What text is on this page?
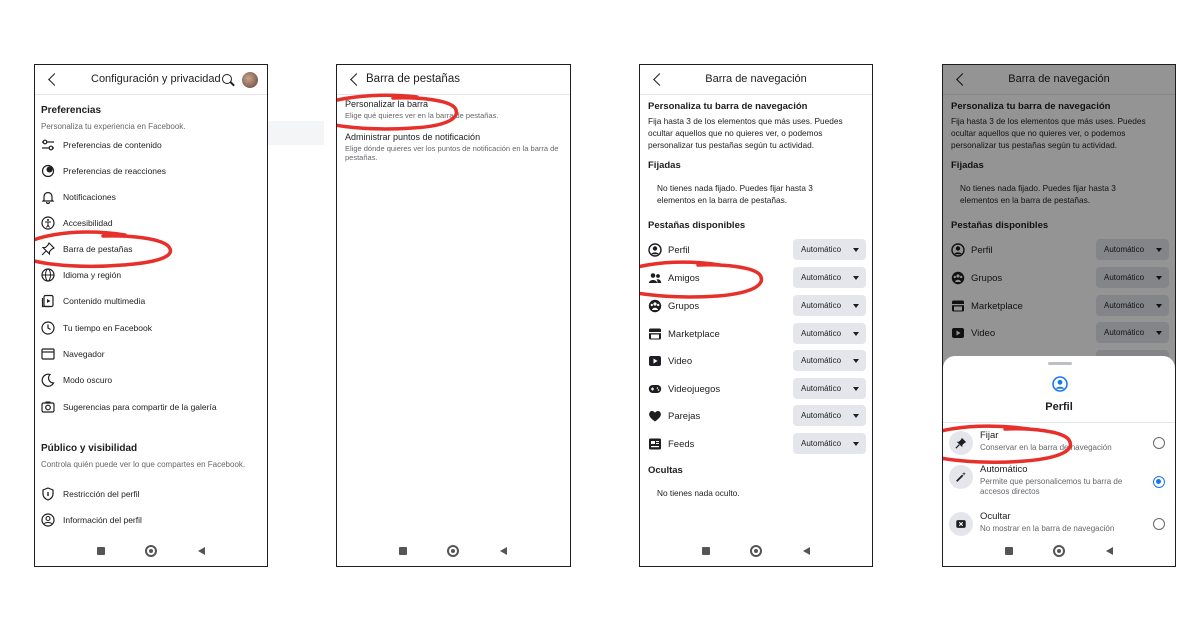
Configuración y privacidad
Preferencias
Personaliza tu experiencia en Facebook.
Preferencias de contenido
Preferencias de reacciones
Notificaciones
Accesibilidad
Barra de pestañas
Idioma y región
Contenido multimedia
Tu tiempo en Facebook
Navegador
Modo oscuro
Sugerencias para compartir de la galería
Público y visibilidad
Controla quién puede ver lo que compartes en Facebook.
Restricción del perfil
Información del perfil
Barra de pestañas
Personalizar la barra
Elige qué quieres ver en la barra de pestañas.
Administrar puntos de notificación
Elige dónde quieres ver los puntos de notificación en la barra de pestañas.
Barra de navegación
Personaliza tu barra de navegación
Fija hasta 3 de los elementos que más uses. Puedes ocultar aquellos que no quieres ver, o podemos personalizar tus pestañas según tu actividad.
Fijadas
No tienes nada fijado. Puedes fijar hasta 3 elementos en la barra de pestañas.
Pestañas disponibles
Perfil	Automático
Amigos	Automático
Grupos	Automático
Marketplace	Automático
Video	Automático
Videojuegos	Automático
Parejas	Automático
Feeds	Automático
Ocultas
No tienes nada oculto.
Barra de navegación
Personaliza tu barra de navegación
Fija hasta 3 de los elementos que más uses. Puedes ocultar aquellos que no quieres ver, o podemos personalizar tus pestañas según tu actividad.
Fijadas
No tienes nada fijado. Puedes fijar hasta 3 elementos en la barra de pestañas.
Pestañas disponibles
Perfil	Automático
Grupos	Automático
Marketplace	Automático
Video	Automático
Perfil
Fijar
Conservar en la barra de navegación
Automático
Permite que personalicemos tu barra de accesos directos
Ocultar
No mostrar en la barra de navegación
